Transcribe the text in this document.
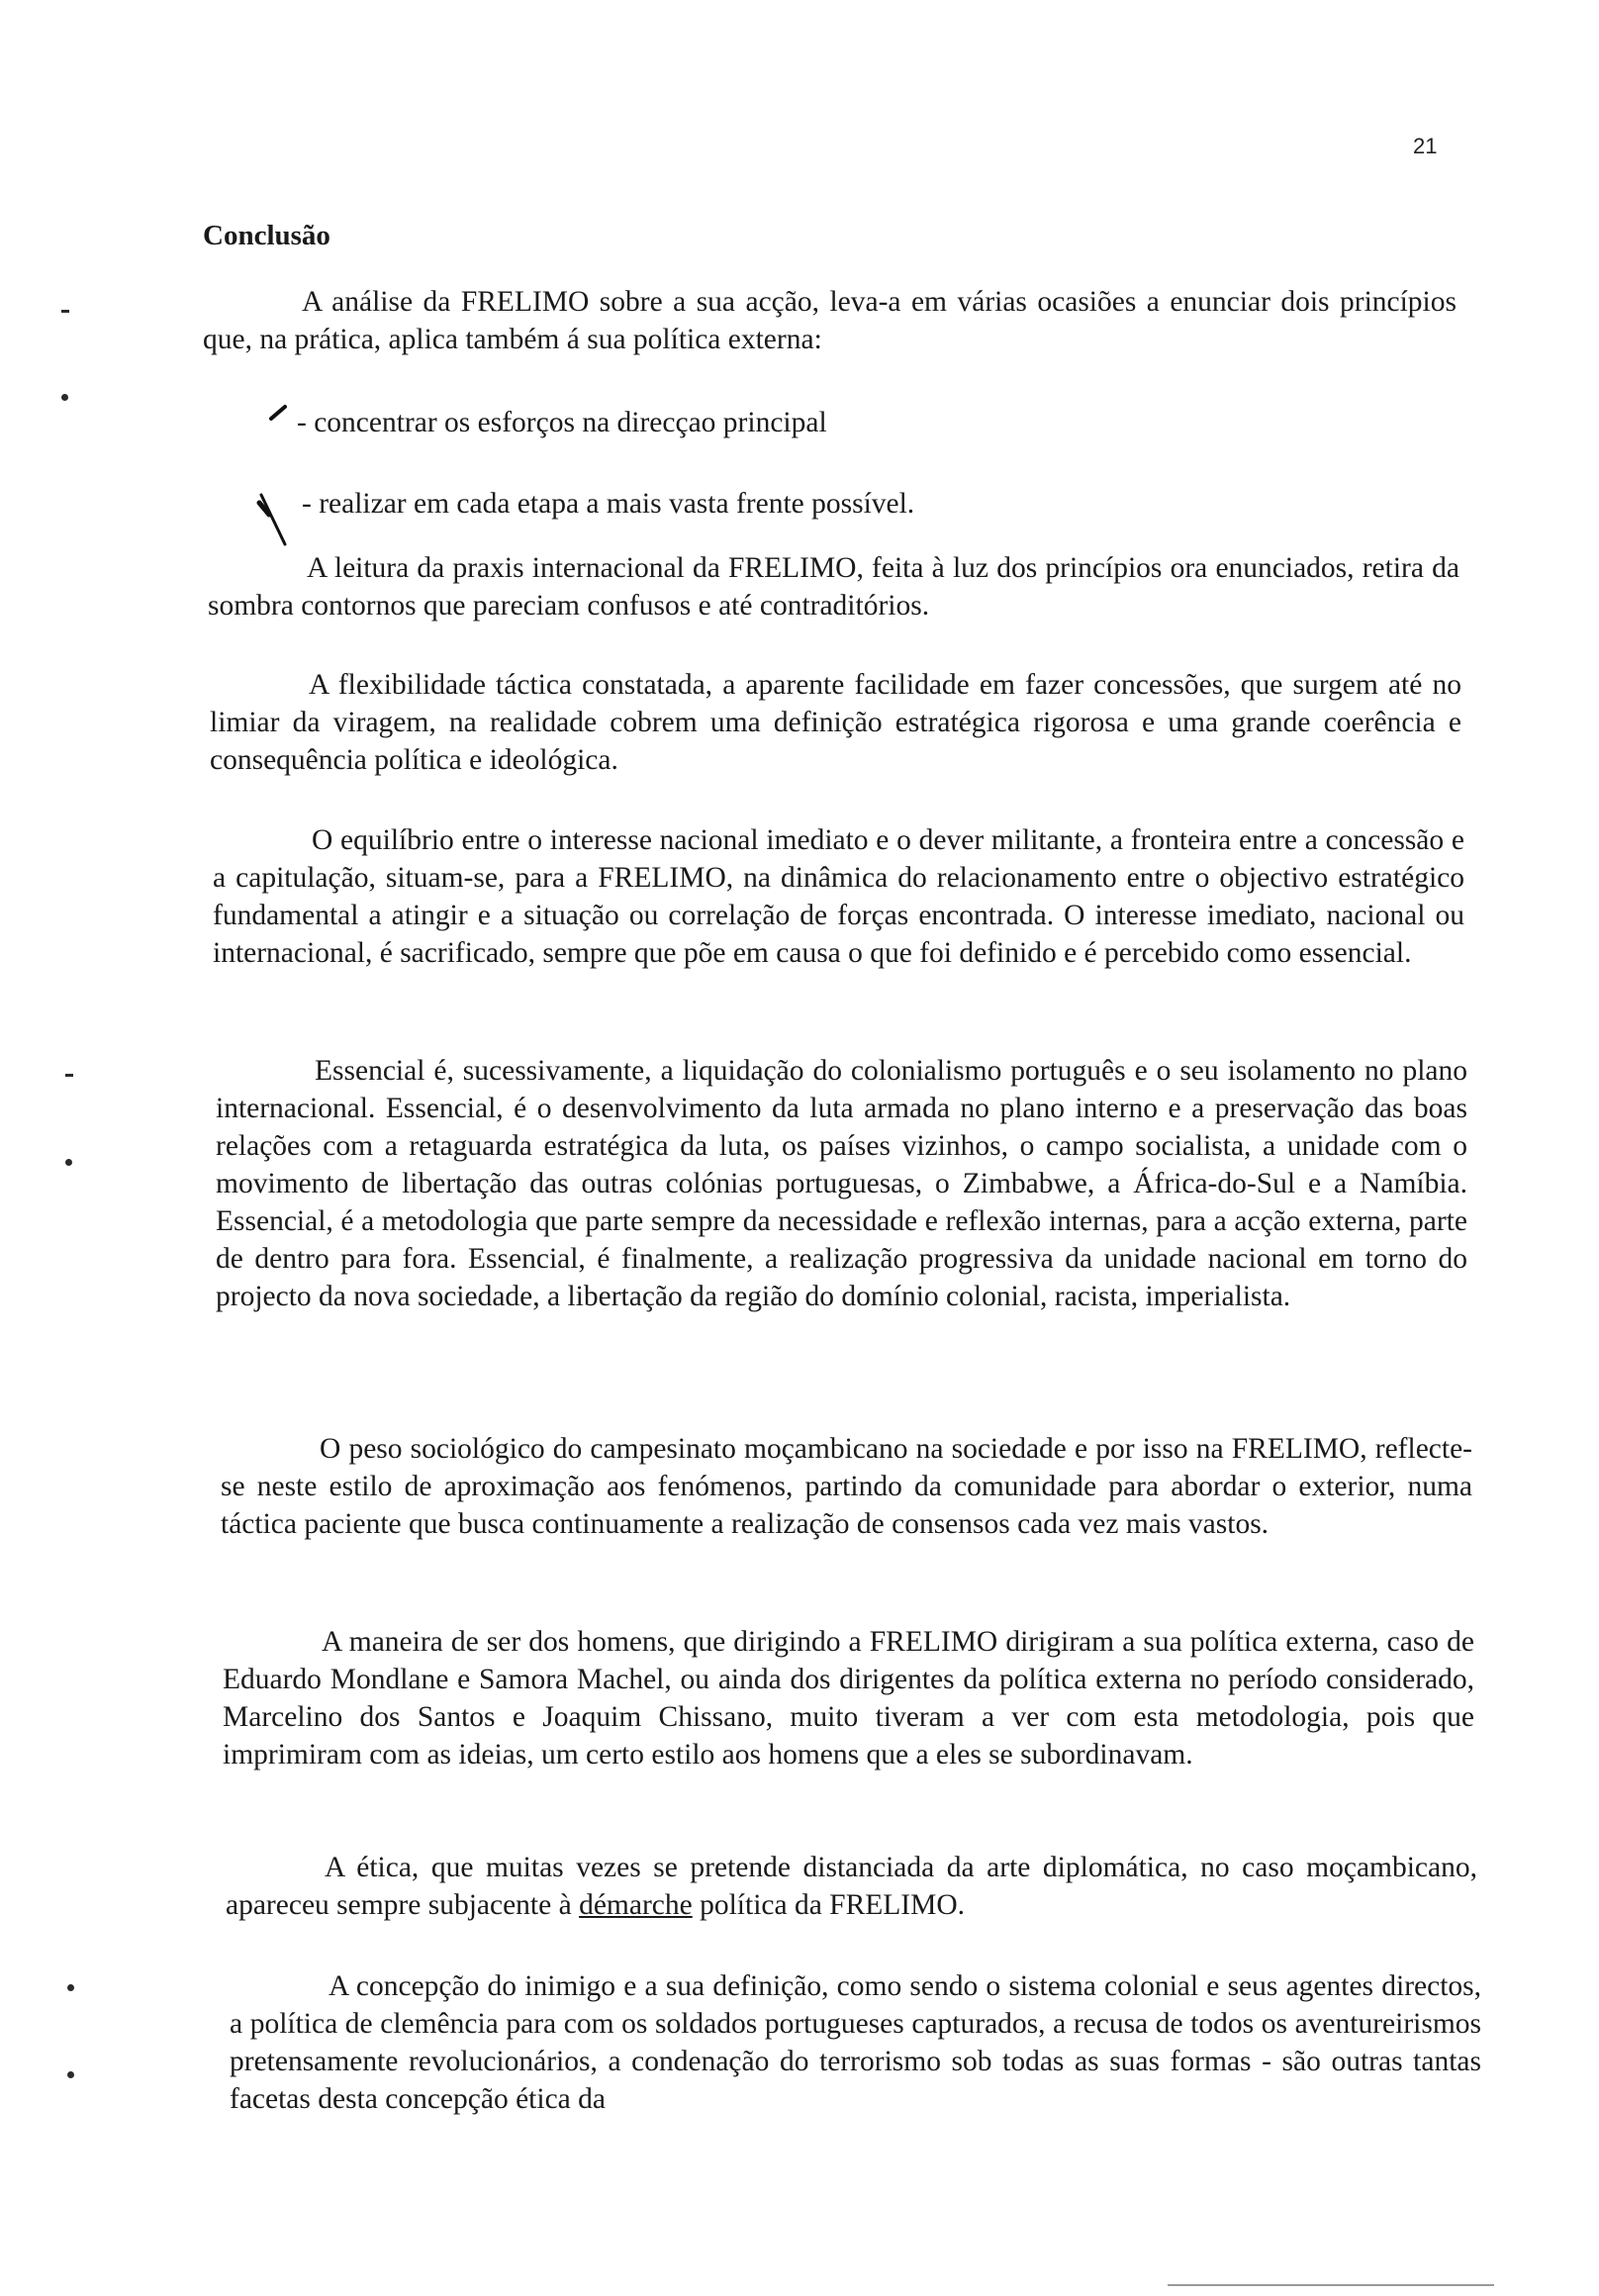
21
Conclusão

A análise da FRELIMO sobre a sua acção, leva-a em várias ocasiões a enunciar dois princípios que, na prática, aplica também á sua política externa:

- concentrar os esforços na direcçao principal

- realizar em cada etapa a mais vasta frente possível.

A leitura da praxis internacional da FRELIMO, feita à luz dos princípios ora enunciados, retira da sombra contornos que pareciam confusos e até contraditórios.

A flexibilidade táctica constatada, a aparente facilidade em fazer concessões, que surgem até no limiar da viragem, na realidade cobrem uma definição estratégica rigorosa e uma grande coerência e consequência política e ideológica.

O equilíbrio entre o interesse nacional imediato e o dever militante, a fronteira entre a concessão e a capitulação, situam-se, para a FRELIMO, na dinâmica do relacionamento entre o objectivo estratégico fundamental a atingir e a situação ou correlação de forças encontrada. O interesse imediato, nacional ou internacional, é sacrificado, sempre que põe em causa o que foi definido e é percebido como essencial.

Essencial é, sucessivamente, a liquidação do colonialismo português e o seu isolamento no plano internacional. Essencial, é o desenvolvimento da luta armada no plano interno e a preservação das boas relações com a retaguarda estratégica da luta, os países vizinhos, o campo socialista, a unidade com o movimento de libertação das outras colónias portuguesas, o Zimbabwe, a África-do-Sul e a Namíbia. Essencial, é a metodologia que parte sempre da necessidade e reflexão internas, para a acção externa, parte de dentro para fora. Essencial, é finalmente, a realização progressiva da unidade nacional em torno do projecto da nova sociedade, a libertação da região do domínio colonial, racista, imperialista.

O peso sociológico do campesinato moçambicano na sociedade e por isso na FRELIMO, reflecte-se neste estilo de aproximação aos fenómenos, partindo da comunidade para abordar o exterior, numa táctica paciente que busca continuamente a realização de consensos cada vez mais vastos.

A maneira de ser dos homens, que dirigindo a FRELIMO dirigiram a sua política externa, caso de Eduardo Mondlane e Samora Machel, ou ainda dos dirigentes da política externa no período considerado, Marcelino dos Santos e Joaquim Chissano, muito tiveram a ver com esta metodologia, pois que imprimiram com as ideias, um certo estilo aos homens que a eles se subordinavam.

A ética, que muitas vezes se pretende distanciada da arte diplomática, no caso moçambicano, apareceu sempre subjacente à démarche política da FRELIMO.

A concepção do inimigo e a sua definição, como sendo o sistema colonial e seus agentes directos, a política de clemência para com os soldados portugueses capturados, a recusa de todos os aventureirismos pretensamente revolucionários, a condenação do terrorismo sob todas as suas formas - são outras tantas facetas desta concepção ética da
